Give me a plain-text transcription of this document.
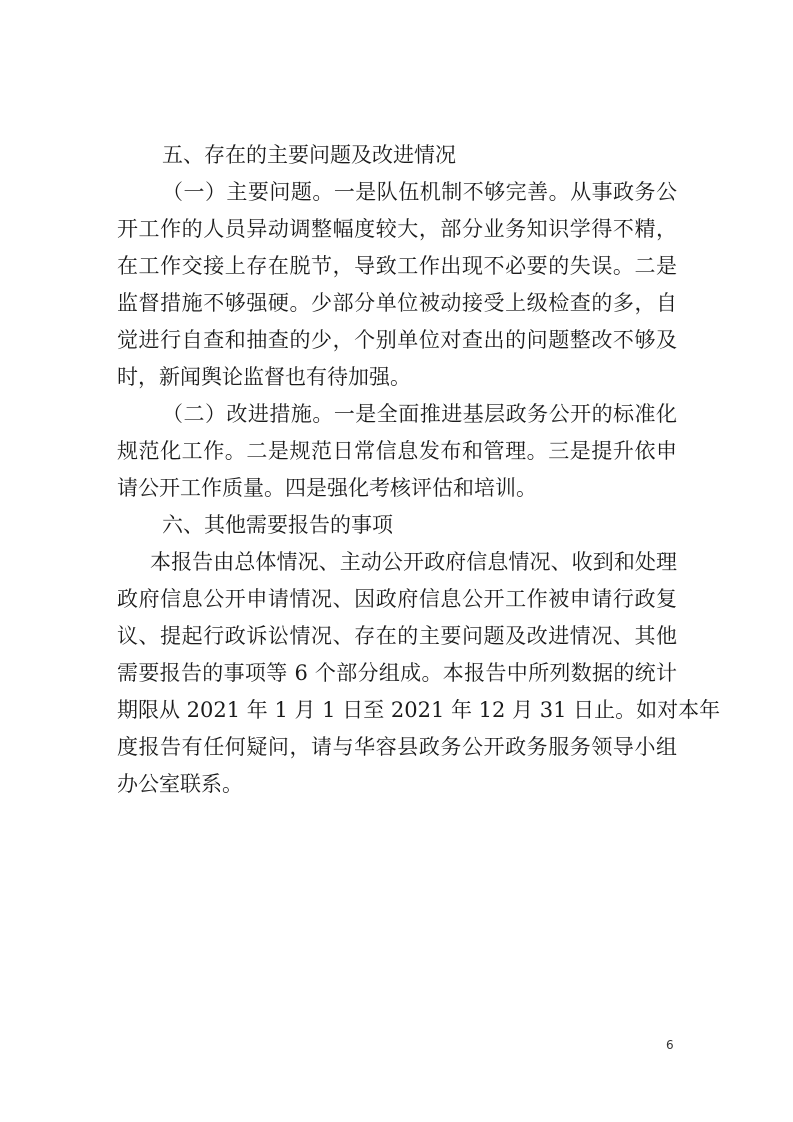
五、存在的主要问题及改进情况
（一）主要问题。一是队伍机制不够完善。从事政务公
开工作的人员异动调整幅度较大，部分业务知识学得不精，
在工作交接上存在脱节，导致工作出现不必要的失误。二是
监督措施不够强硬。少部分单位被动接受上级检查的多，自
觉进行自查和抽查的少，个别单位对查出的问题整改不够及
时，新闻舆论监督也有待加强。
（二）改进措施。一是全面推进基层政务公开的标准化
规范化工作。二是规范日常信息发布和管理。三是提升依申
请公开工作质量。四是强化考核评估和培训。
六、其他需要报告的事项
本报告由总体情况、主动公开政府信息情况、收到和处理
政府信息公开申请情况、因政府信息公开工作被申请行政复
议、提起行政诉讼情况、存在的主要问题及改进情况、其他
需要报告的事项等 6 个部分组成。本报告中所列数据的统计
期限从 2021 年 1 月 1 日至 2021 年 12 月 31 日止。如对本年
度报告有任何疑问，请与华容县政务公开政务服务领导小组
办公室联系。
6
